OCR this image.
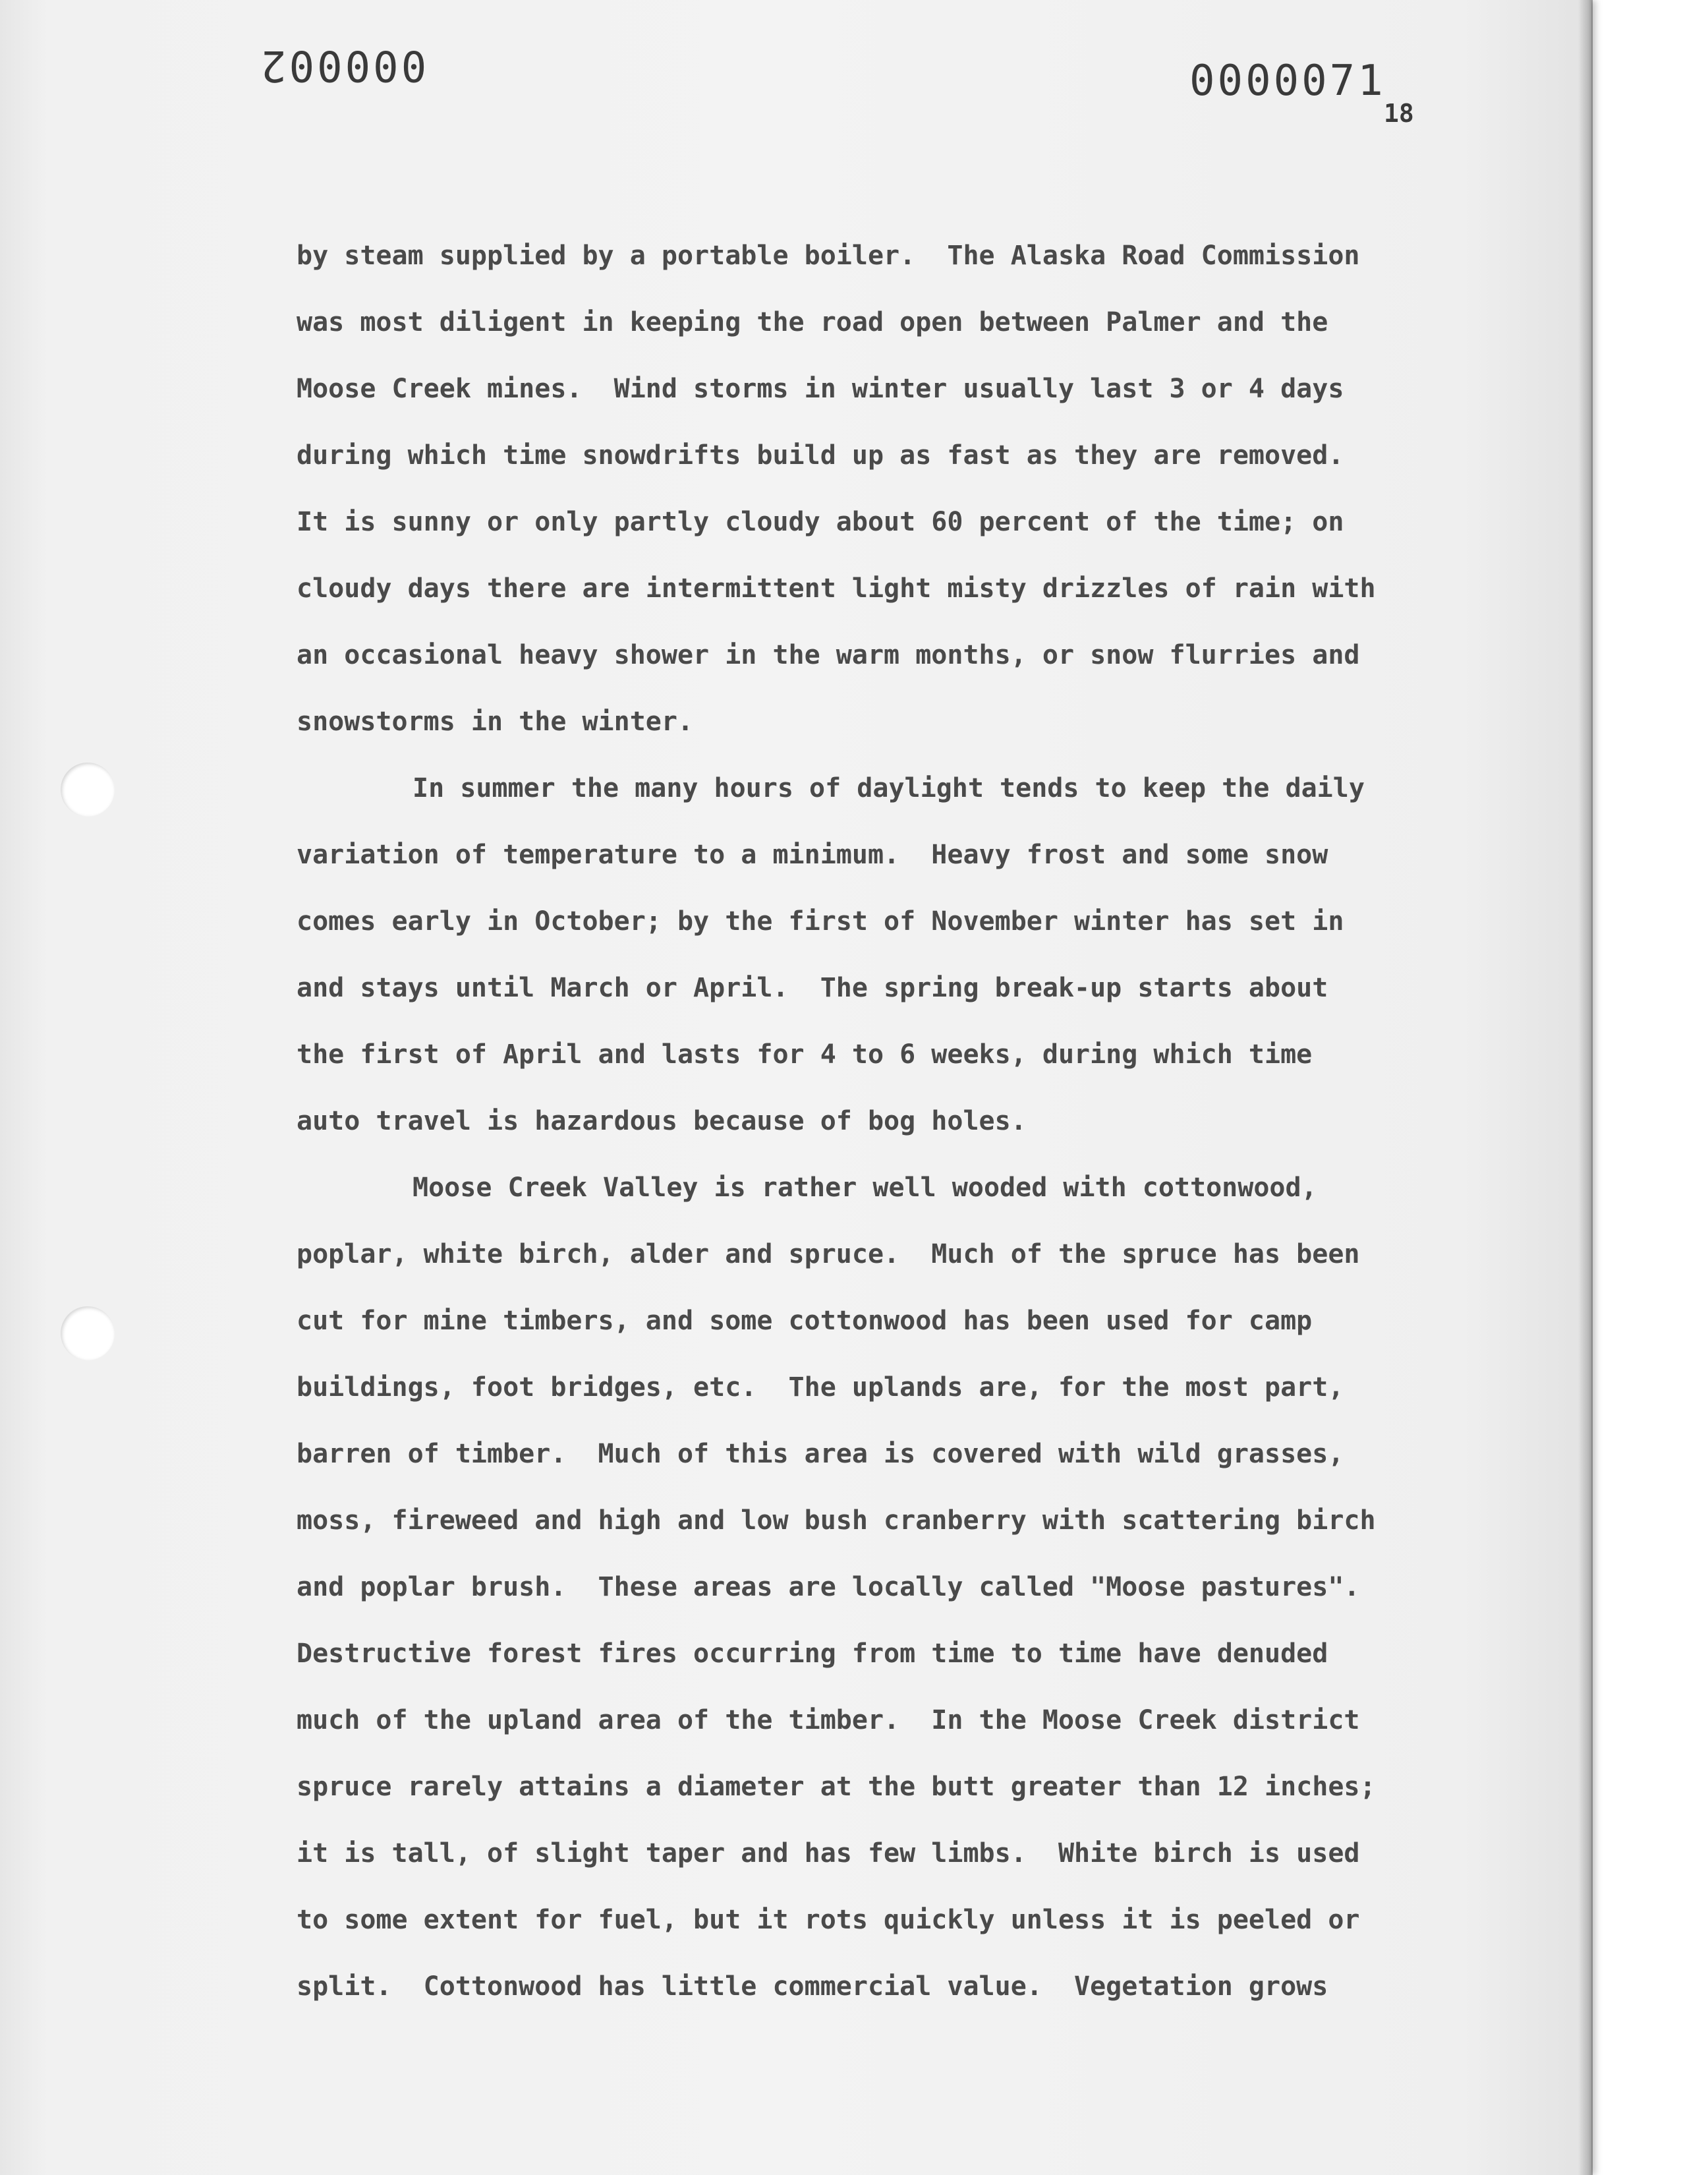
000002	0000071
18
by steam supplied by a portable boiler.  The Alaska Road Commission
was most diligent in keeping the road open between Palmer and the
Moose Creek mines.  Wind storms in winter usually last 3 or 4 days
during which time snowdrifts build up as fast as they are removed.
It is sunny or only partly cloudy about 60 percent of the time; on
cloudy days there are intermittent light misty drizzles of rain with
an occasional heavy shower in the warm months, or snow flurries and
snowstorms in the winter.
In summer the many hours of daylight tends to keep the daily
variation of temperature to a minimum.  Heavy frost and some snow
comes early in October; by the first of November winter has set in
and stays until March or April.  The spring break-up starts about
the first of April and lasts for 4 to 6 weeks, during which time
auto travel is hazardous because of bog holes.
Moose Creek Valley is rather well wooded with cottonwood,
poplar, white birch, alder and spruce.  Much of the spruce has been
cut for mine timbers, and some cottonwood has been used for camp
buildings, foot bridges, etc.  The uplands are, for the most part,
barren of timber.  Much of this area is covered with wild grasses,
moss, fireweed and high and low bush cranberry with scattering birch
and poplar brush.  These areas are locally called "Moose pastures".
Destructive forest fires occurring from time to time have denuded
much of the upland area of the timber.  In the Moose Creek district
spruce rarely attains a diameter at the butt greater than 12 inches;
it is tall, of slight taper and has few limbs.  White birch is used
to some extent for fuel, but it rots quickly unless it is peeled or
split.  Cottonwood has little commercial value.  Vegetation grows
